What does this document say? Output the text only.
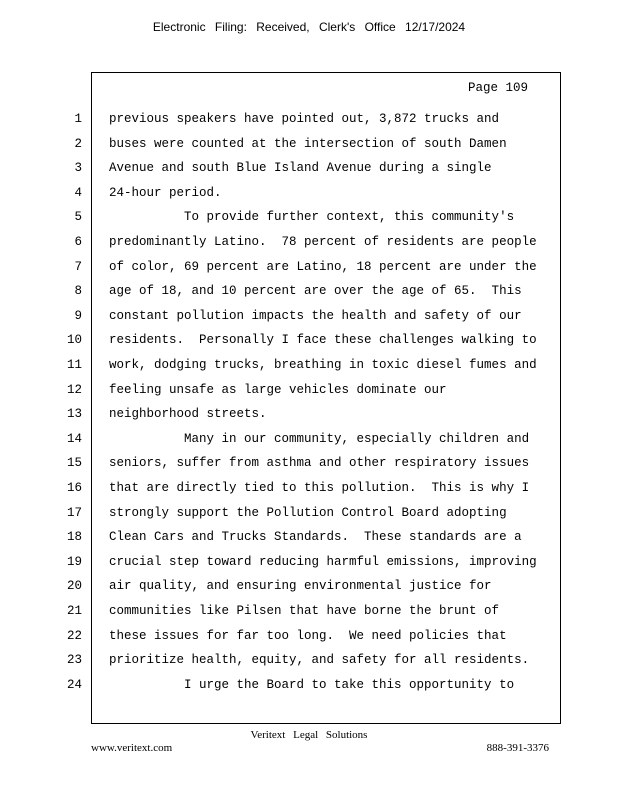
Electronic Filing: Received, Clerk's Office 12/17/2024
Page 109
1 previous speakers have pointed out, 3,872 trucks and
2 buses were counted at the intersection of south Damen
3 Avenue and south Blue Island Avenue during a single
4 24-hour period.
5 To provide further context, this community's
6 predominantly Latino.  78 percent of residents are people
7 of color, 69 percent are Latino, 18 percent are under the
8 age of 18, and 10 percent are over the age of 65.  This
9 constant pollution impacts the health and safety of our
10 residents.  Personally I face these challenges walking to
11 work, dodging trucks, breathing in toxic diesel fumes and
12 feeling unsafe as large vehicles dominate our
13 neighborhood streets.
14 Many in our community, especially children and
15 seniors, suffer from asthma and other respiratory issues
16 that are directly tied to this pollution.  This is why I
17 strongly support the Pollution Control Board adopting
18 Clean Cars and Trucks Standards.  These standards are a
19 crucial step toward reducing harmful emissions, improving
20 air quality, and ensuring environmental justice for
21 communities like Pilsen that have borne the brunt of
22 these issues for far too long.  We need policies that
23 prioritize health, equity, and safety for all residents.
24 I urge the Board to take this opportunity to
Veritext Legal Solutions
www.veritext.com	888-391-3376
